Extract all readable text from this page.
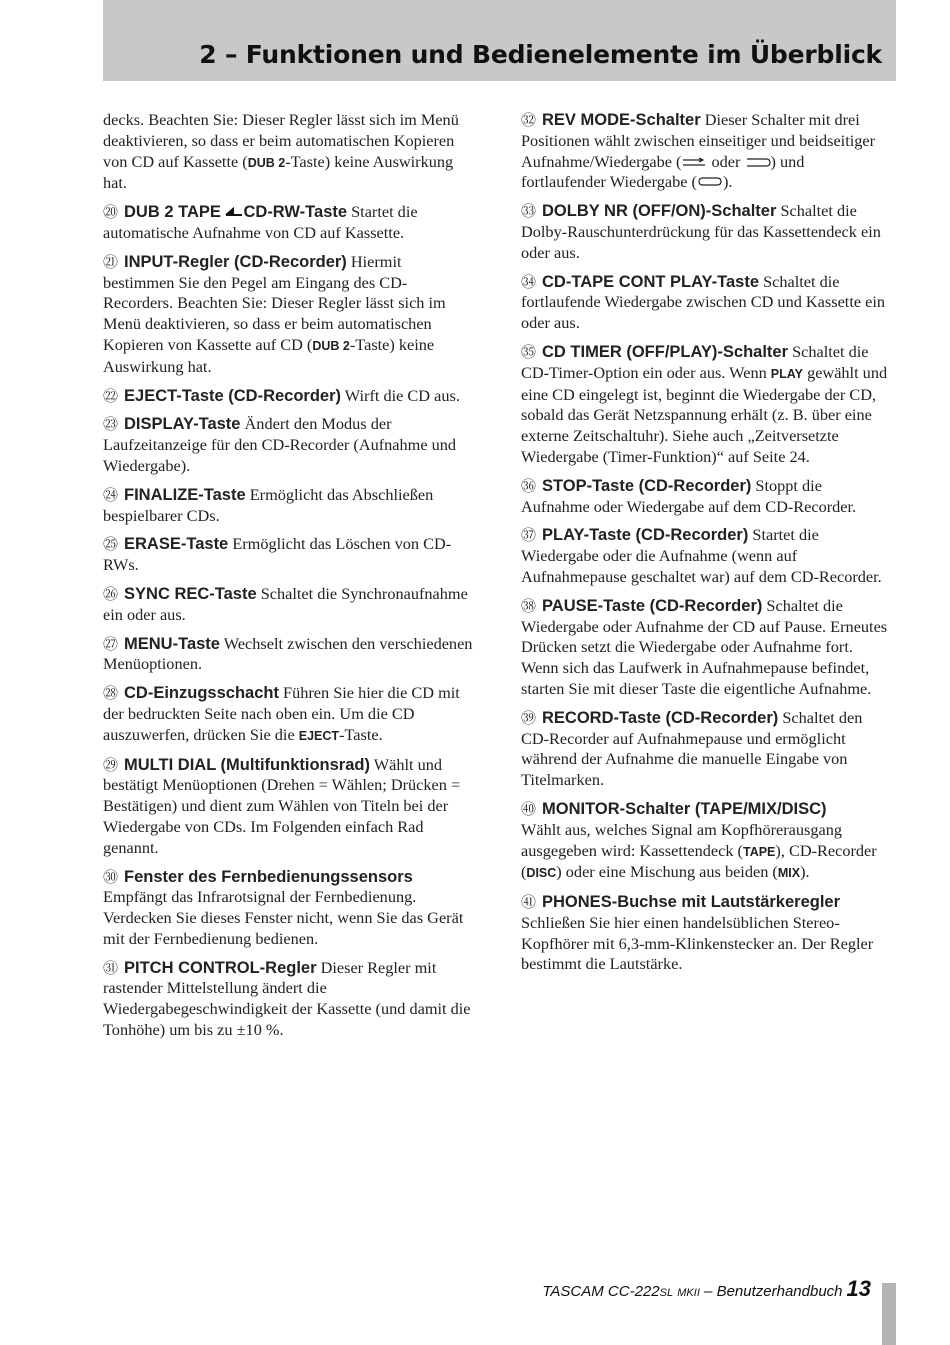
2 – Funktionen und Bedienelemente im Überblick

decks. Beachten Sie: Dieser Regler lässt sich im Menü deaktivieren, so dass er beim automatischen Kopieren von CD auf Kassette (DUB 2-Taste) keine Auswirkung hat.

⑳ DUB 2 TAPE CD-RW-Taste Startet die automatische Aufnahme von CD auf Kassette.

㉑ INPUT-Regler (CD-Recorder) Hiermit bestimmen Sie den Pegel am Eingang des CD-Recorders. Beachten Sie: Dieser Regler lässt sich im Menü deaktivieren, so dass er beim automatischen Kopieren von Kassette auf CD (DUB 2-Taste) keine Auswirkung hat.

㉒ EJECT-Taste (CD-Recorder) Wirft die CD aus.

㉓ DISPLAY-Taste Ändert den Modus der Laufzeitanzeige für den CD-Recorder (Aufnahme und Wiedergabe).

㉔ FINALIZE-Taste Ermöglicht das Abschließen bespielbarer CDs.

㉕ ERASE-Taste Ermöglicht das Löschen von CD-RWs.

㉖ SYNC REC-Taste Schaltet die Synchronaufnahme ein oder aus.

㉗ MENU-Taste Wechselt zwischen den verschiedenen Menüoptionen.

㉘ CD-Einzugsschacht Führen Sie hier die CD mit der bedruckten Seite nach oben ein. Um die CD auszuwerfen, drücken Sie die EJECT-Taste.

㉙ MULTI DIAL (Multifunktionsrad) Wählt und bestätigt Menüoptionen (Drehen = Wählen; Drücken = Bestätigen) und dient zum Wählen von Titeln bei der Wiedergabe von CDs. Im Folgenden einfach Rad genannt.

㉚ Fenster des Fernbedienungssensors
Empfängt das Infrarotsignal der Fernbedienung. Verdecken Sie dieses Fenster nicht, wenn Sie das Gerät mit der Fernbedienung bedienen.

㉛ PITCH CONTROL-Regler Dieser Regler mit rastender Mittelstellung ändert die Wiedergabegeschwindigkeit der Kassette (und damit die Tonhöhe) um bis zu ±10 %.

㉜ REV MODE-Schalter Dieser Schalter mit drei Positionen wählt zwischen einseitiger und beidseitiger Aufnahme/Wiedergabe ( oder ) und fortlaufender Wiedergabe ( ).

㉝ DOLBY NR (OFF/ON)-Schalter Schaltet die Dolby-Rauschunterdrückung für das Kassettendeck ein oder aus.

㉞ CD-TAPE CONT PLAY-Taste Schaltet die fortlaufende Wiedergabe zwischen CD und Kassette ein oder aus.

㉟ CD TIMER (OFF/PLAY)-Schalter Schaltet die CD-Timer-Option ein oder aus. Wenn PLAY gewählt und eine CD eingelegt ist, beginnt die Wiedergabe der CD, sobald das Gerät Netzspannung erhält (z. B. über eine externe Zeitschaltuhr). Siehe auch „Zeitversetzte Wiedergabe (Timer-Funktion)“ auf Seite 24.

㊱ STOP-Taste (CD-Recorder) Stoppt die Aufnahme oder Wiedergabe auf dem CD-Recorder.

㊲ PLAY-Taste (CD-Recorder) Startet die Wiedergabe oder die Aufnahme (wenn auf Aufnahmepause geschaltet war) auf dem CD-Recorder.

㊳ PAUSE-Taste (CD-Recorder) Schaltet die Wiedergabe oder Aufnahme der CD auf Pause. Erneutes Drücken setzt die Wiedergabe oder Aufnahme fort. Wenn sich das Laufwerk in Aufnahmepause befindet, starten Sie mit dieser Taste die eigentliche Aufnahme.

㊴ RECORD-Taste (CD-Recorder) Schaltet den CD-Recorder auf Aufnahmepause und ermöglicht während der Aufnahme die manuelle Eingabe von Titelmarken.

㊵ MONITOR-Schalter (TAPE/MIX/DISC)
Wählt aus, welches Signal am Kopfhörerausgang ausgegeben wird: Kassettendeck (TAPE), CD-Recorder (DISC) oder eine Mischung aus beiden (MIX).

㊶ PHONES-Buchse mit Lautstärkeregler
Schließen Sie hier einen handelsüblichen Stereo-Kopfhörer mit 6,3-mm-Klinkenstecker an. Der Regler bestimmt die Lautstärke.

TASCAM CC-222SL MKII – Benutzerhandbuch 13
